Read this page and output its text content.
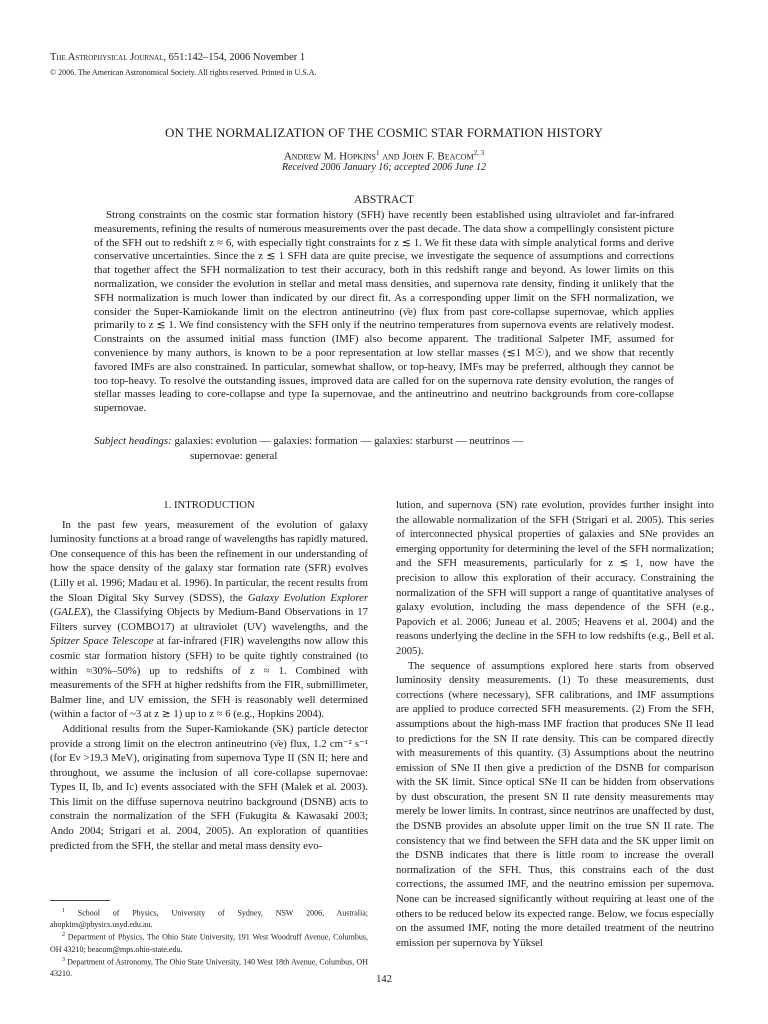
The Astrophysical Journal, 651:142–154, 2006 November 1
© 2006. The American Astronomical Society. All rights reserved. Printed in U.S.A.
ON THE NORMALIZATION OF THE COSMIC STAR FORMATION HISTORY
Andrew M. Hopkins$^1$ and John F. Beacom$^{2, 3}$
Received 2006 January 16; accepted 2006 June 12
ABSTRACT

Strong constraints on the cosmic star formation history (SFH) have recently been established using ultraviolet and far-infrared measurements, refining the results of numerous measurements over the past decade. The data show a compellingly consistent picture of the SFH out to redshift z ≈ 6, with especially tight constraints for z ≲ 1. We fit these data with simple analytical forms and derive conservative uncertainties. Since the z ≲ 1 SFH data are quite precise, we investigate the sequence of assumptions and corrections that together affect the SFH normalization to test their accuracy, both in this redshift range and beyond. As lower limits on this normalization, we consider the evolution in stellar and metal mass densities, and supernova rate density, finding it unlikely that the SFH normalization is much lower than indicated by our direct fit. As a corresponding upper limit on the SFH normalization, we consider the Super-Kamiokande limit on the electron antineutrino (ν̄e) flux from past core-collapse supernovae, which applies primarily to z ≲ 1. We find consistency with the SFH only if the neutrino temperatures from supernova events are relatively modest. Constraints on the assumed initial mass function (IMF) also become apparent. The traditional Salpeter IMF, assumed for convenience by many authors, is known to be a poor representation at low stellar masses (≲1 M☉), and we show that recently favored IMFs are also constrained. In particular, somewhat shallow, or top-heavy, IMFs may be preferred, although they cannot be too top-heavy. To resolve the outstanding issues, improved data are called for on the supernova rate density evolution, the ranges of stellar masses leading to core-collapse and type Ia supernovae, and the antineutrino and neutrino backgrounds from core-collapse supernovae.

Subject headings: galaxies: evolution — galaxies: formation — galaxies: starburst — neutrinos —
supernovae: general
1. INTRODUCTION

In the past few years, measurement of the evolution of galaxy luminosity functions at a broad range of wavelengths has rapidly matured. One consequence of this has been the refinement in our understanding of how the space density of the galaxy star formation rate (SFR) evolves (Lilly et al. 1996; Madau et al. 1996). In particular, the recent results from the Sloan Digital Sky Survey (SDSS), the Galaxy Evolution Explorer (GALEX), the Classifying Objects by Medium-Band Observations in 17 Filters survey (COMBO17) at ultraviolet (UV) wavelengths, and the Spitzer Space Telescope at far-infrared (FIR) wavelengths now allow this cosmic star formation history (SFH) to be quite tightly constrained (to within ≈30%–50%) up to redshifts of z ≈ 1. Combined with measurements of the SFH at higher redshifts from the FIR, submillimeter, Balmer line, and UV emission, the SFH is reasonably well determined (within a factor of ~3 at z ≳ 1) up to z ≈ 6 (e.g., Hopkins 2004).

Additional results from the Super-Kamiokande (SK) particle detector provide a strong limit on the electron antineutrino (ν̄e) flux, 1.2 cm⁻² s⁻¹ (for Eν >19.3 MeV), originating from supernova Type II (SN II; here and throughout, we assume the inclusion of all core-collapse supernovae: Types II, Ib, and Ic) events associated with the SFH (Malek et al. 2003). This limit on the diffuse supernova neutrino background (DSNB) acts to constrain the normalization of the SFH (Fukugita & Kawasaki 2003; Ando 2004; Strigari et al. 2004, 2005). An exploration of quantities predicted from the SFH, the stellar and metal mass density evo-

$^1$ School of Physics, University of Sydney, NSW 2006, Australia; ahopkins@physics.usyd.edu.au.

$^2$ Department of Physics, The Ohio State University, 191 West Woodruff Avenue, Columbus, OH 43210; beacom@mps.ohio-state.edu.

$^3$ Department of Astronomy, The Ohio State University, 140 West 18th Avenue, Columbus, OH 43210.

lution, and supernova (SN) rate evolution, provides further insight into the allowable normalization of the SFH (Strigari et al. 2005). This series of interconnected physical properties of galaxies and SNe provides an emerging opportunity for determining the level of the SFH normalization; and the SFH measurements, particularly for z ≲ 1, now have the precision to allow this exploration of their accuracy. Constraining the normalization of the SFH will support a range of quantitative analyses of galaxy evolution, including the mass dependence of the SFH (e.g., Papovich et al. 2006; Juneau et al. 2005; Heavens et al. 2004) and the reasons underlying the decline in the SFH to low redshifts (e.g., Bell et al. 2005).

The sequence of assumptions explored here starts from observed luminosity density measurements. (1) To these measurements, dust corrections (where necessary), SFR calibrations, and IMF assumptions are applied to produce corrected SFH measurements. (2) From the SFH, assumptions about the high-mass IMF fraction that produces SNe II lead to predictions for the SN II rate density. This can be compared directly with measurements of this quantity. (3) Assumptions about the neutrino emission of SNe II then give a prediction of the DSNB for comparison with the SK limit. Since optical SNe II can be hidden from observations by dust obscuration, the present SN II rate density measurements may merely be lower limits. In contrast, since neutrinos are unaffected by dust, the DSNB provides an absolute upper limit on the true SN II rate. The consistency that we find between the SFH data and the SK upper limit on the DSNB indicates that there is little room to increase the overall normalization of the SFH. Thus, this constrains each of the dust corrections, the assumed IMF, and the neutrino emission per supernova. None can be increased significantly without requiring at least one of the others to be reduced below its expected range. Below, we focus especially on the assumed IMF, noting the more detailed treatment of the neutrino emission per supernova by Yüksel

142
